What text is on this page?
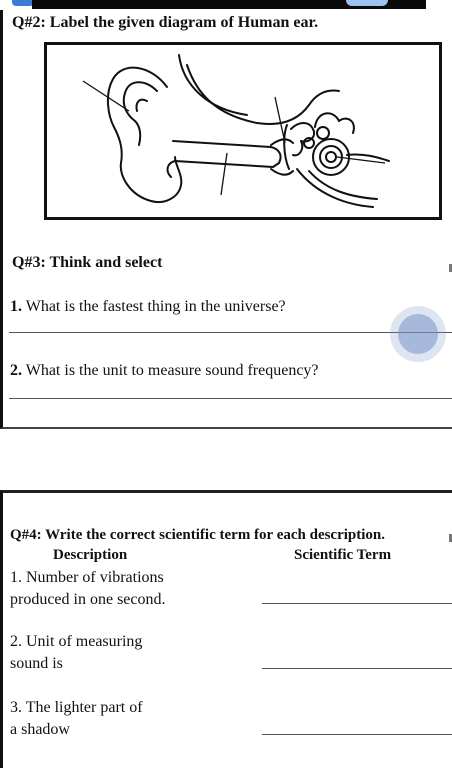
Q#2: Label the given diagram of Human ear.
Q#3: Think and select
1. What is the fastest thing in the universe?
2. What is the unit to measure sound frequency?
Q#4: Write the correct scientific term for each description.
Description	Scientific Term
1. Number of vibrations
produced in one second.
2. Unit of measuring
sound is
3. The lighter part of
a shadow
